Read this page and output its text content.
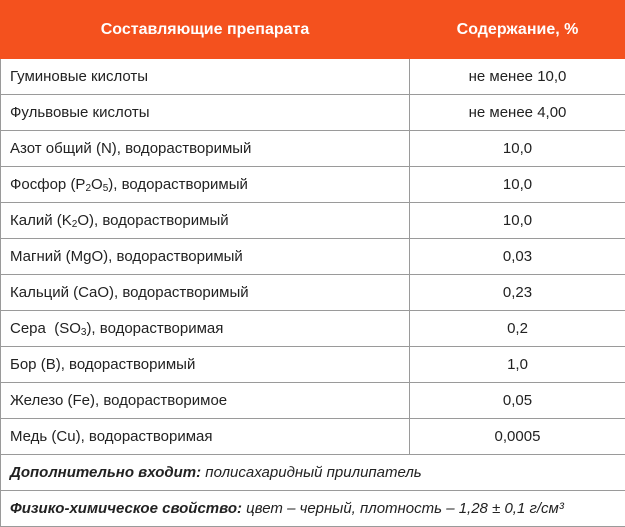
Составляющие препарата	Содержание, %
Гуминовые кислоты	не менее 10,0
Фульвовые кислоты	не менее 4,00
Азот общий (N), водорастворимый	10,0
Фосфор $(P_2O_5)$, водорастворимый	10,0
Калий $(K_2O)$, водорастворимый	10,0
Магний (MgO), водорастворимый	0,03
Кальций (CaO), водорастворимый	0,23
Сера  $(SO_3)$, водорастворимая	0,2
Бор (B), водорастворимый	1,0
Железо (Fe), водорастворимое	0,05
Медь (Cu), водорастворимая	0,0005
Дополнительно входит: полисахаридный прилипатель	
Физико-химическое свойство: цвет – черный, плотность – 1,28 ± 0,1 г/см³	
